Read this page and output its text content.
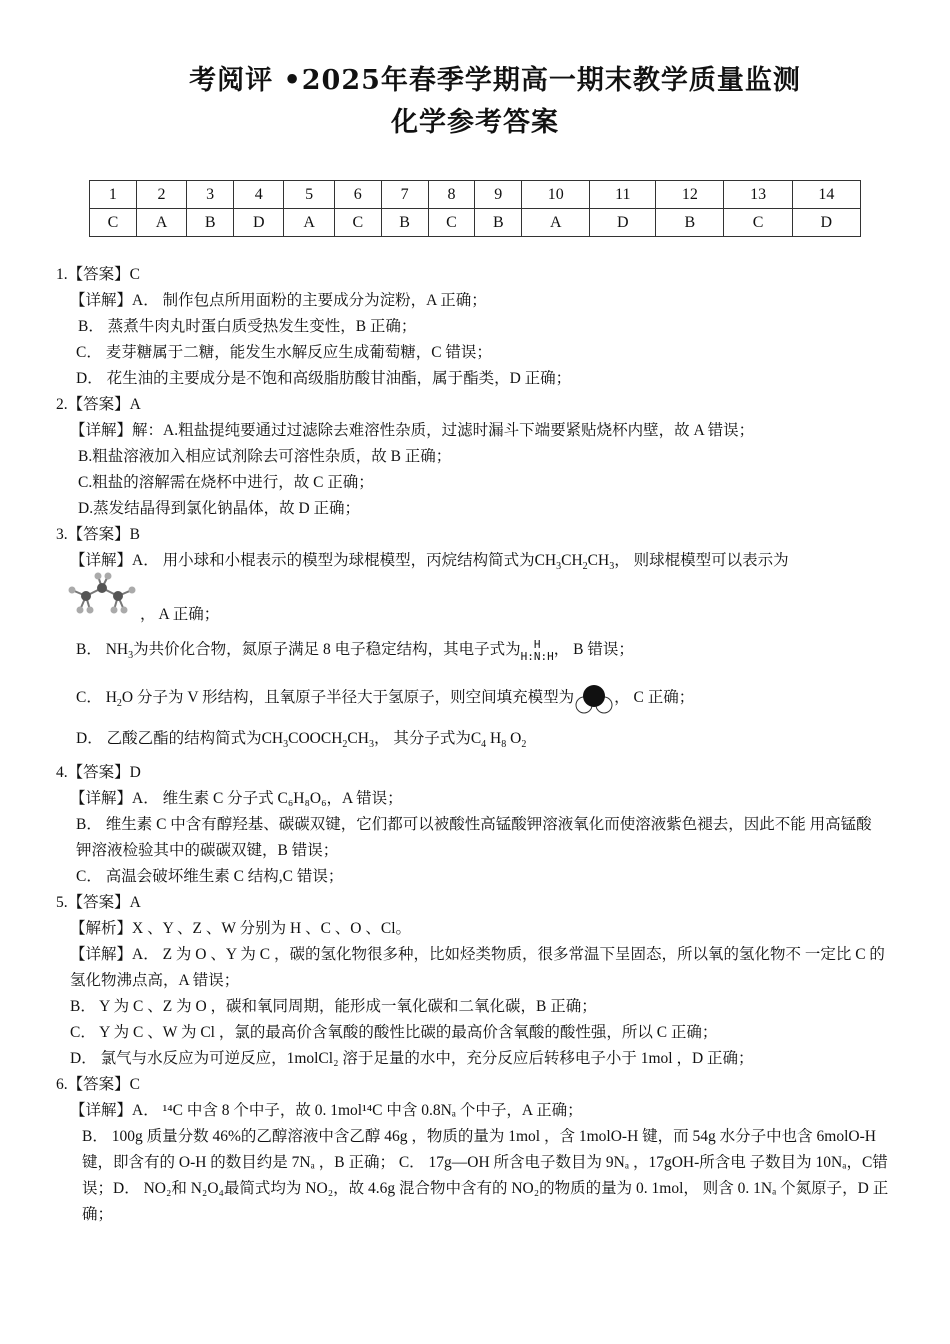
考阅评 •2025年春季学期高一期末教学质量监测
化学参考答案
1	2	3	4	5	6	7	8	9	10	11	12	13	14
C	A	B	D	A	C	B	C	B	A	D	B	C	D
1.【答案】C
【详解】A． 制作包点所用面粉的主要成分为淀粉，A 正确；
B． 蒸煮牛肉丸时蛋白质受热发生变性，B 正确；
C． 麦芽糖属于二糖，能发生水解反应生成葡萄糖，C 错误；
D． 花生油的主要成分是不饱和高级脂肪酸甘油酯，属于酯类，D 正确；
2.【答案】A
【详解】解：A.粗盐提纯要通过过滤除去难溶性杂质，过滤时漏斗下端要紧贴烧杯内壁，故 A 错误；
B.粗盐溶液加入相应试剂除去可溶性杂质，故 B 正确；
C.粗盐的溶解需在烧杯中进行，故 C 正确；
D.蒸发结晶得到氯化钠晶体，故 D 正确；
3.【答案】B
【详解】A． 用小球和小棍表示的模型为球棍模型，丙烷结构简式为$CH_3CH_2CH_3$， 则球棍模型可以表示为
， A 正确；
B． $NH_3$为共价化合物，氮原子满足 8 电子稳定结构，其电子式为	H
H:N:H ， B 错误；
C． $H_2O$ 分子为 V 形结构，且氧原子半径大于氢原子，则空间填充模型为	， C 正确；
D． 乙酸乙酯的结构简式为$CH_3COOCH_2CH_3$， 其分子式为$C_4$ $H_8$ $O_2$
4.【答案】D
【详解】A． 维生素 C 分子式 C₆H₈O₆，A 错误；
B． 维生素 C 中含有醇羟基、碳碳双键，它们都可以被酸性高锰酸钾溶液氧化而使溶液紫色褪去，因此不能 用高锰酸钾溶液检验其中的碳碳双键，B 错误；
C． 高温会破坏维生素 C 结构,C 错误；
5.【答案】A
【解析】X 、Y 、Z 、W 分别为 H 、C 、O 、Cl。
【详解】A． Z 为 O 、Y 为 C ，碳的氢化物很多种，比如烃类物质，很多常温下呈固态，所以氧的氢化物不 一定比 C 的氢化物沸点高，A 错误；
B． Y 为 C 、Z 为 O ，碳和氧同周期，能形成一氧化碳和二氧化碳，B 正确；
C． Y 为 C 、W 为 Cl ，氯的最高价含氧酸的酸性比碳的最高价含氧酸的酸性强，所以 C 正确；
D． 氯气与水反应为可逆反应，1molCl₂ 溶于足量的水中，充分反应后转移电子小于 1mol ，D 正确；
6.【答案】C
【详解】A． ¹⁴C 中含 8 个中子，故 0. 1mol¹⁴C 中含 0.8Nₐ 个中子，A 正确；
B． 100g 质量分数 46%的乙醇溶液中含乙醇 46g ，物质的量为 1mol ，含 1molO-H 键，而 54g 水分子中也含 6molO-H 键，即含有的 O-H 的数目约是 7Nₐ ，B 正确； C． 17g—OH 所含电子数目为 9Nₐ ，17gOH-所含电 子数目为 10Nₐ，C错误；D． NO₂和 N₂O₄最简式均为 NO₂，故 4.6g 混合物中含有的 NO₂的物质的量为 0. 1mol， 则含 0. 1Nₐ 个氮原子，D 正确；
